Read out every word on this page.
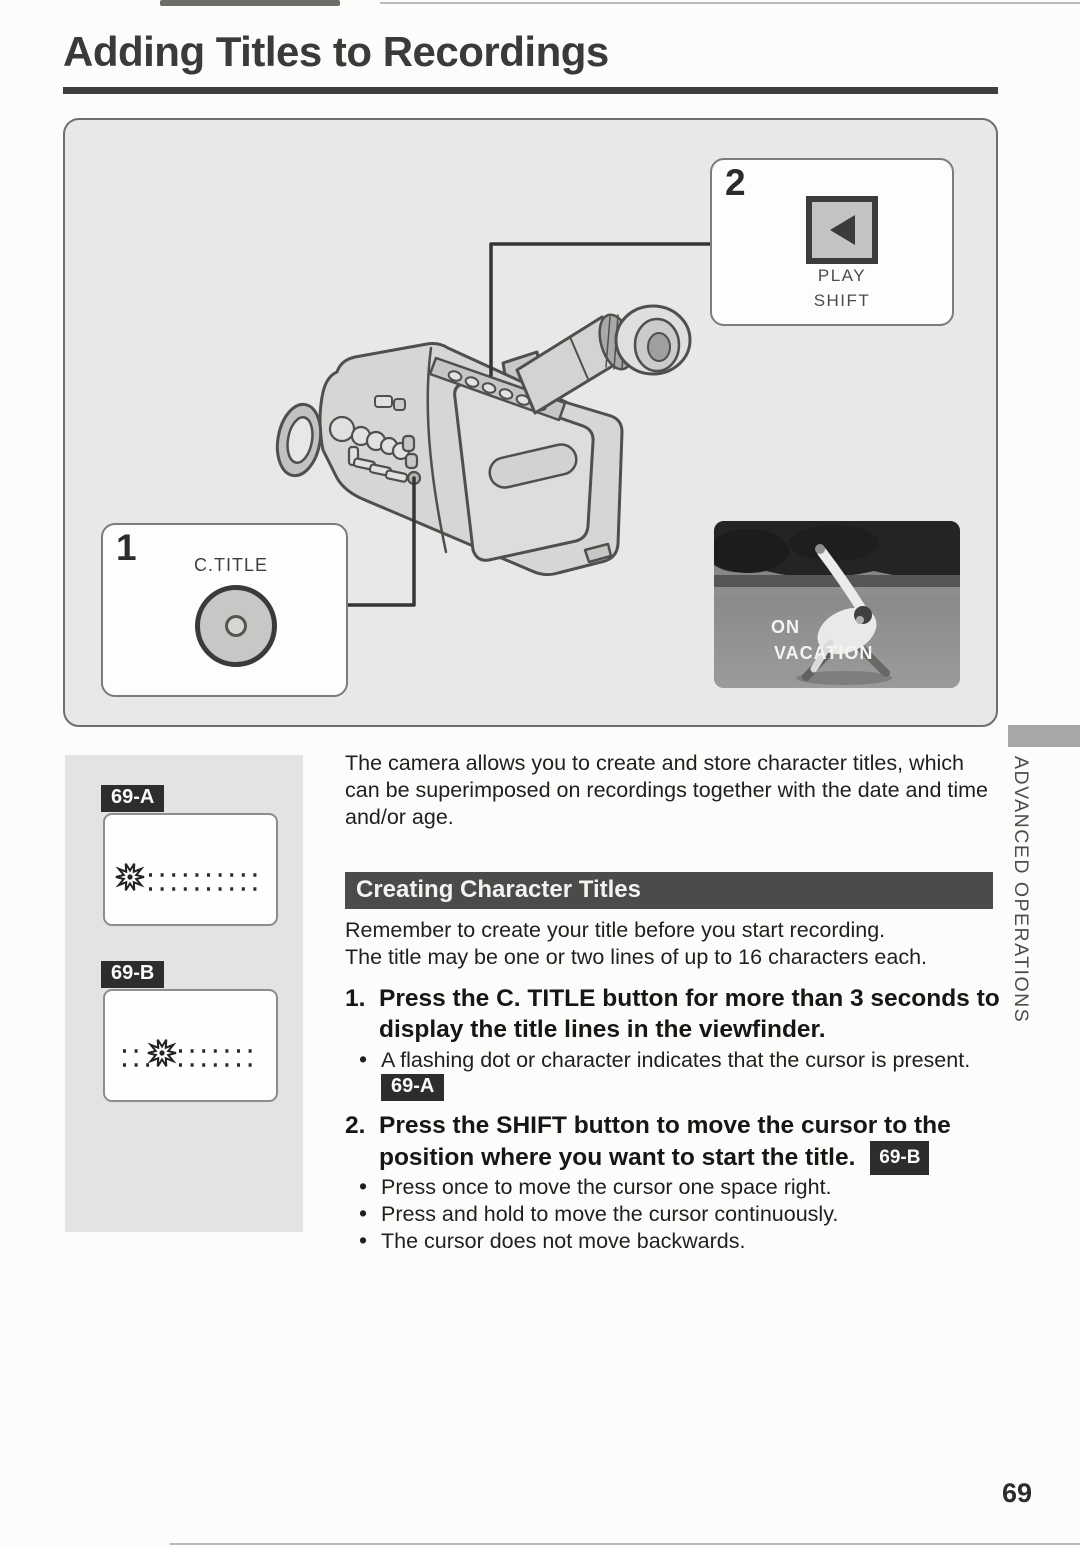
Adding Titles to Recordings
2
PLAY
SHIFT
1	C.TITLE
ON
VACATION
69-A
69-B
The camera allows you to create and store character titles, which can be superimposed on recordings together with the date and time and/or age.
Creating Character Titles
Remember to create your title before you start recording.
The title may be one or two lines of up to 16 characters each.
1. Press the C. TITLE button for more than 3 seconds to display the title lines in the viewfinder.
• A flashing dot or character indicates that the cursor is present.
69-A
2. Press the SHIFT button to move the cursor to the position where you want to start the title. 69-B
• Press once to move the cursor one space right.
• Press and hold to move the cursor continuously.
• The cursor does not move backwards.
ADVANCED OPERATIONS
69
